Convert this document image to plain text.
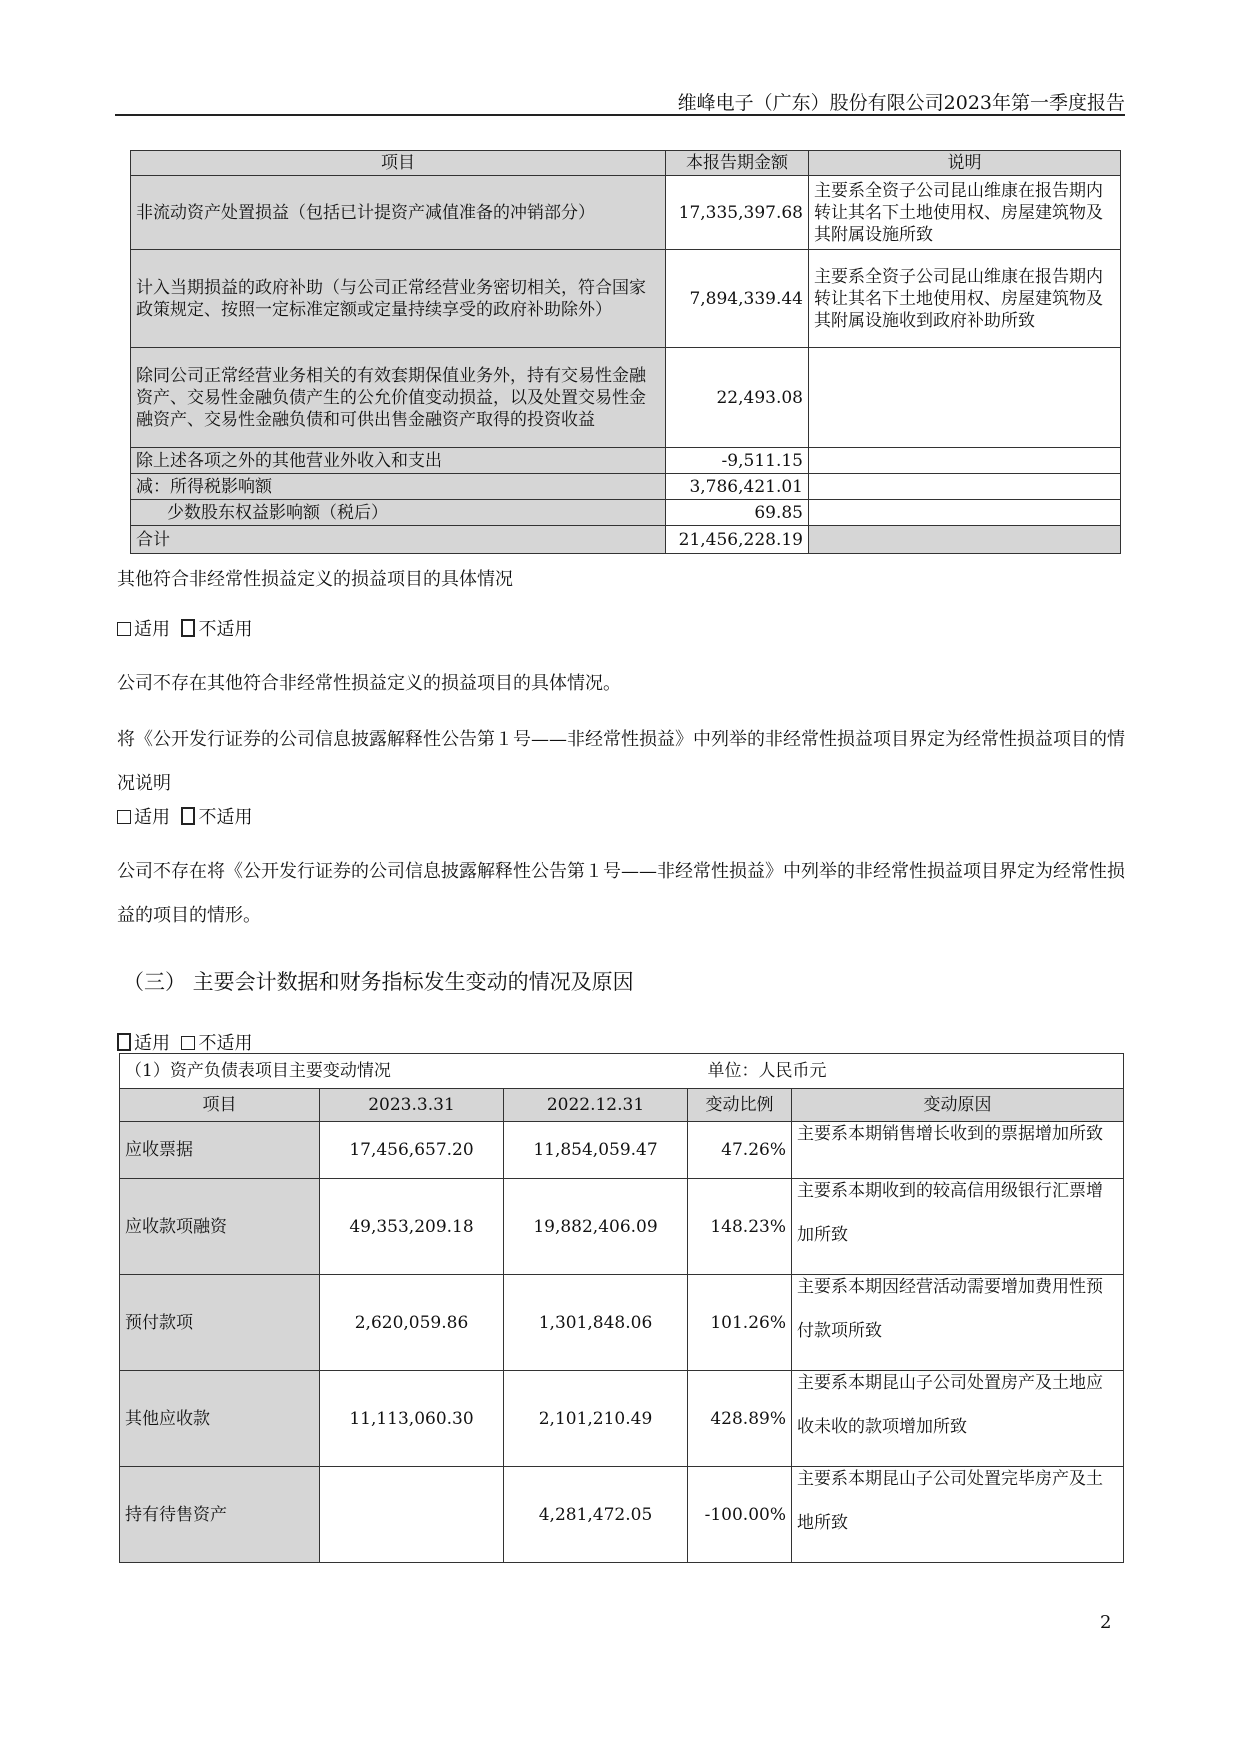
维峰电子（广东）股份有限公司2023年第一季度报告
项目	本报告期金额	说明
非流动资产处置损益（包括已计提资产减值准备的冲销部分）	17,335,397.68	主要系全资子公司昆山维康在报告期内转让其名下土地使用权、房屋建筑物及其附属设施所致
计入当期损益的政府补助（与公司正常经营业务密切相关，符合国家政策规定、按照一定标准定额或定量持续享受的政府补助除外）	7,894,339.44	主要系全资子公司昆山维康在报告期内转让其名下土地使用权、房屋建筑物及其附属设施收到政府补助所致
除同公司正常经营业务相关的有效套期保值业务外，持有交易性金融资产、交易性金融负债产生的公允价值变动损益，以及处置交易性金融资产、交易性金融负债和可供出售金融资产取得的投资收益	22,493.08	
除上述各项之外的其他营业外收入和支出	-9,511.15	
减：所得税影响额	3,786,421.01	
少数股东权益影响额（税后）	69.85	
合计	21,456,228.19	
其他符合非经常性损益定义的损益项目的具体情况
适用 不适用
公司不存在其他符合非经常性损益定义的损益项目的具体情况。
将《公开发行证券的公司信息披露解释性公告第１号——非经常性损益》中列举的非经常性损益项目界定为经常性损益项目的情况说明
适用 不适用
公司不存在将《公开发行证券的公司信息披露解释性公告第１号——非经常性损益》中列举的非经常性损益项目界定为经常性损益的项目的情形。
（三） 主要会计数据和财务指标发生变动的情况及原因
适用 不适用
（1）资产负债表项目主要变动情况			单位：人民币元	
项目	2023.3.31	2022.12.31	变动比例	变动原因
应收票据	17,456,657.20	11,854,059.47	47.26%	主要系本期销售增长收到的票据增加所致

应收款项融资	49,353,209.18	19,882,406.09	148.23%	主要系本期收到的较高信用级银行汇票增
加所致

预付款项	2,620,059.86	1,301,848.06	101.26%	主要系本期因经营活动需要增加费用性预
付款项所致

其他应收款	11,113,060.30	2,101,210.49	428.89%	主要系本期昆山子公司处置房产及土地应
收未收的款项增加所致

持有待售资产		4,281,472.05	-100.00%	主要系本期昆山子公司处置完毕房产及土
地所致
2
